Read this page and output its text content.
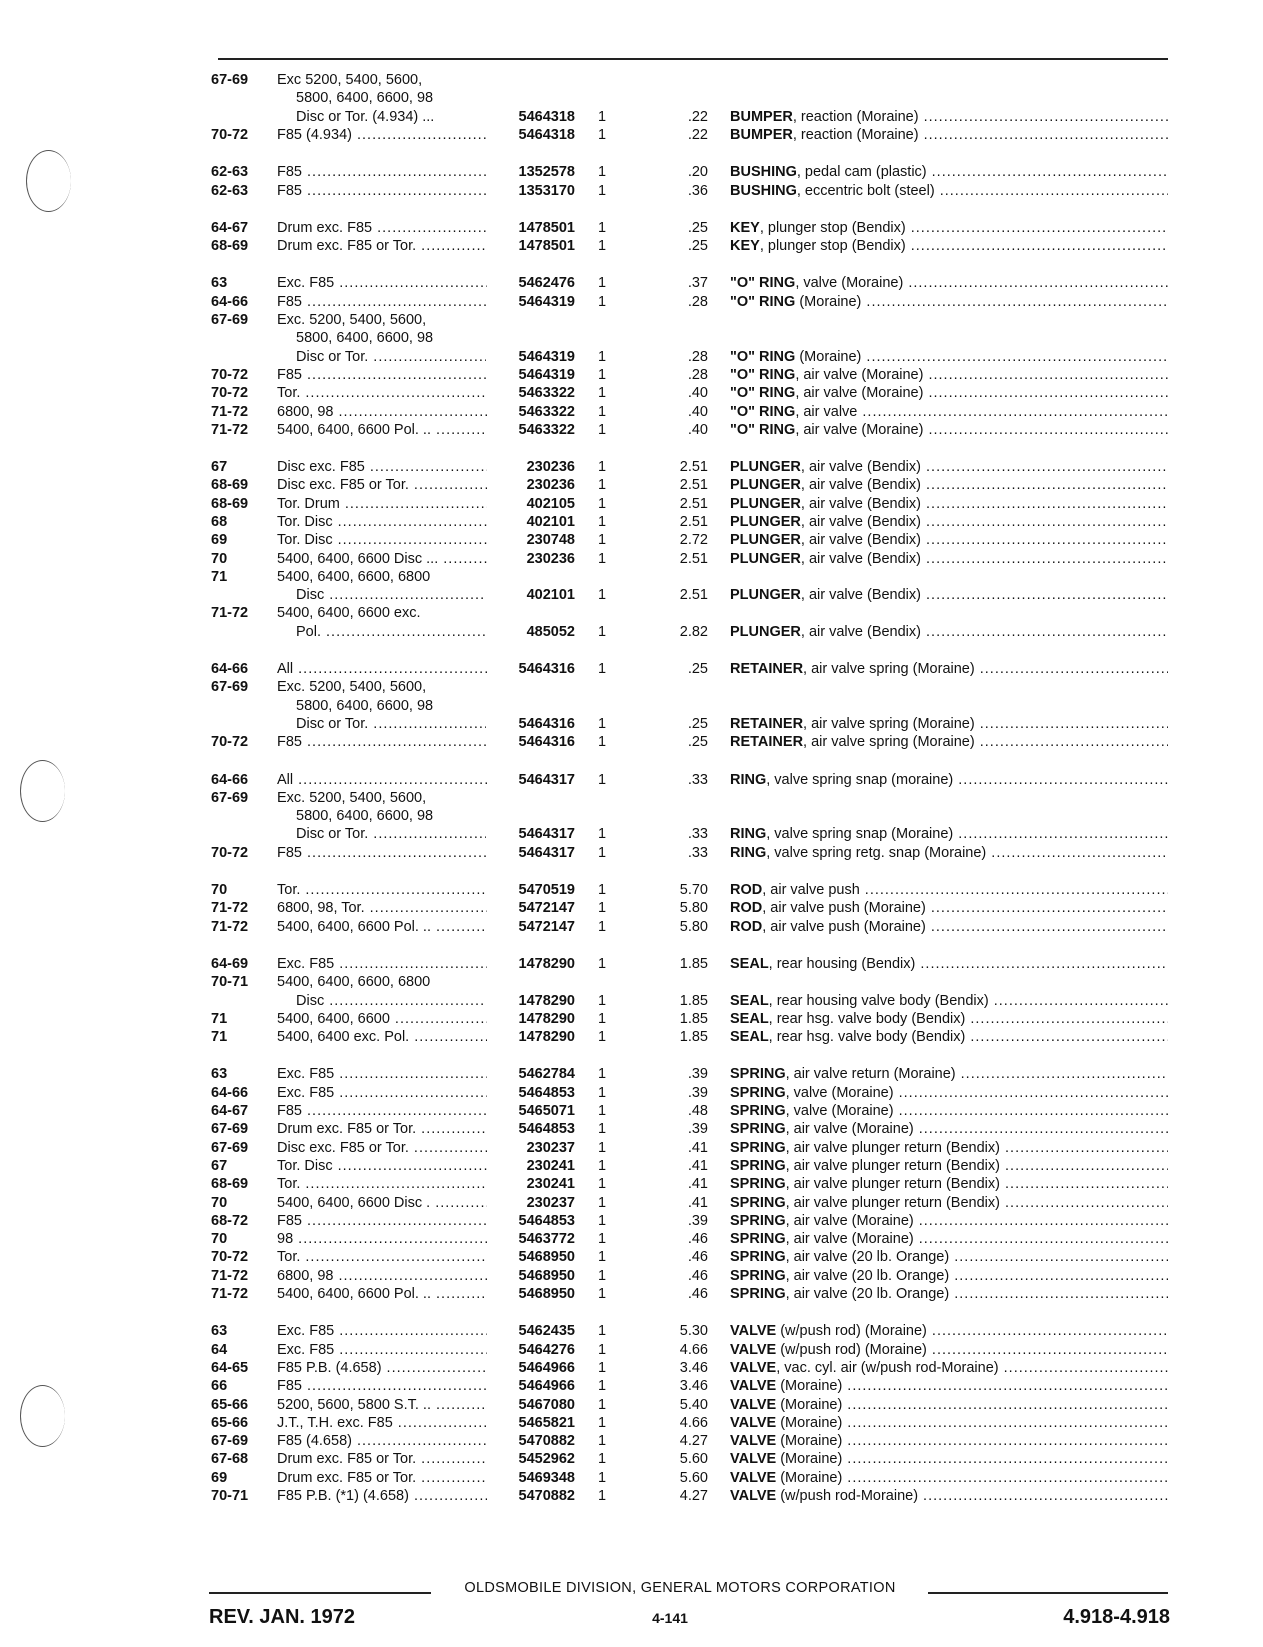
67-69 Exc 5200, 5400, 5600,
5800, 6400, 6600, 98
Disc or Tor. (4.934) ...	5464318 1	.22 BUMPER, reaction (Moraine) .....
70-72 F85 (4.934) .....	5464318 1	.22 BUMPER, reaction (Moraine) .....
62-63 F85 .....	1352578 1	.20 BUSHING, pedal cam (plastic) .....
62-63 F85 .....	1353170 1	.36 BUSHING, eccentric bolt (steel) .....
64-67 Drum exc. F85 .....	1478501 1	.25 KEY, plunger stop (Bendix) .....
68-69 Drum exc. F85 or Tor. .....	1478501 1	.25 KEY, plunger stop (Bendix) .....
63	Exc. F85 .....	5462476 1	.37 "O" RING, valve (Moraine) .....
64-66 F85 .....	5464319 1	.28 "O" RING (Moraine) .....
67-69 Exc. 5200, 5400, 5600,
5800, 6400, 6600, 98
Disc or Tor. .....	5464319 1	.28 "O" RING (Moraine) .....
70-72 F85 .....	5464319 1	.28 "O" RING, air valve (Moraine) .....
70-72 Tor. .....	5463322 1	.40 "O" RING, air valve (Moraine) .....
71-72 6800, 98 .....	5463322 1	.40 "O" RING, air valve .....
71-72 5400, 6400, 6600 Pol. .. .....	5463322 1	.40 "O" RING, air valve (Moraine) .....
67	Disc exc. F85 .....	230236 1	2.51 PLUNGER, air valve (Bendix) .....
68-69 Disc exc. F85 or Tor. .....	230236 1	2.51 PLUNGER, air valve (Bendix) .....
68-69 Tor. Drum .....	402105 1	2.51 PLUNGER, air valve (Bendix) .....
68	Tor. Disc .....	402101 1	2.51 PLUNGER, air valve (Bendix) .....
69	Tor. Disc .....	230748 1	2.72 PLUNGER, air valve (Bendix) .....
70	5400, 6400, 6600 Disc ... .....	230236 1	2.51 PLUNGER, air valve (Bendix) .....
71	5400, 6400, 6600, 6800
Disc .....	402101 1	2.51 PLUNGER, air valve (Bendix) .....
71-72 5400, 6400, 6600 exc.
Pol. .....	485052 1	2.82 PLUNGER, air valve (Bendix) .....
64-66 All .....	5464316 1	.25 RETAINER, air valve spring (Moraine) .....
67-69 Exc. 5200, 5400, 5600,
5800, 6400, 6600, 98
Disc or Tor. .....	5464316 1	.25 RETAINER, air valve spring (Moraine) .....
70-72 F85 .....	5464316 1	.25 RETAINER, air valve spring (Moraine) .....
64-66 All .....	5464317 1	.33 RING, valve spring snap (moraine) .....
67-69 Exc. 5200, 5400, 5600,
5800, 6400, 6600, 98
Disc or Tor. .....	5464317 1	.33 RING, valve spring snap (Moraine) .....
70-72 F85 .....	5464317 1	.33 RING, valve spring retg. snap (Moraine) .....
70	Tor. .....	5470519 1	5.70 ROD, air valve push .....
71-72 6800, 98, Tor. .....	5472147 1	5.80 ROD, air valve push (Moraine) .....
71-72 5400, 6400, 6600 Pol. .. .....	5472147 1	5.80 ROD, air valve push (Moraine) .....
64-69 Exc. F85 .....	1478290 1	1.85 SEAL, rear housing (Bendix) .....
70-71 5400, 6400, 6600, 6800
Disc .....	1478290 1	1.85 SEAL, rear housing valve body (Bendix) .....
71	5400, 6400, 6600 .....	1478290 1	1.85 SEAL, rear hsg. valve body (Bendix) .....
71	5400, 6400 exc. Pol. .....	1478290 1	1.85 SEAL, rear hsg. valve body (Bendix) .....
63	Exc. F85 .....	5462784 1	.39 SPRING, air valve return (Moraine) .....
64-66 Exc. F85 .....	5464853 1	.39 SPRING, valve (Moraine) .....
64-67 F85 .....	5465071 1	.48 SPRING, valve (Moraine) .....
67-69 Drum exc. F85 or Tor. .....	5464853 1	.39 SPRING, air valve (Moraine) .....
67-69 Disc exc. F85 or Tor. .....	230237 1	.41 SPRING, air valve plunger return (Bendix) .....
67	Tor. Disc .....	230241 1	.41 SPRING, air valve plunger return (Bendix) .....
68-69 Tor. .....	230241 1	.41 SPRING, air valve plunger return (Bendix) .....
70	5400, 6400, 6600 Disc . .....	230237 1	.41 SPRING, air valve plunger return (Bendix) .....
68-72 F85 .....	5464853 1	.39 SPRING, air valve (Moraine) .....
70	98 .....	5463772 1	.46 SPRING, air valve (Moraine) .....
70-72 Tor. .....	5468950 1	.46 SPRING, air valve (20 lb. Orange) .....
71-72 6800, 98 .....	5468950 1	.46 SPRING, air valve (20 lb. Orange) .....
71-72 5400, 6400, 6600 Pol. .. .....	5468950 1	.46 SPRING, air valve (20 lb. Orange) .....
63	Exc. F85 .....	5462435 1	5.30 VALVE (w/push rod) (Moraine) .....
64	Exc. F85 .....	5464276 1	4.66 VALVE (w/push rod) (Moraine) .....
64-65 F85 P.B. (4.658) .....	5464966 1	3.46 VALVE, vac. cyl. air (w/push rod-Moraine) .....
66	F85 .....	5464966 1	3.46 VALVE (Moraine) .....
65-66 5200, 5600, 5800 S.T. .. .....	5467080 1	5.40 VALVE (Moraine) .....
65-66 J.T., T.H. exc. F85 .....	5465821 1	4.66 VALVE (Moraine) .....
67-69 F85 (4.658) .....	5470882 1	4.27 VALVE (Moraine) .....
67-68 Drum exc. F85 or Tor. .....	5452962 1	5.60 VALVE (Moraine) .....
69	Drum exc. F85 or Tor. .....	5469348 1	5.60 VALVE (Moraine) .....
70-71 F85 P.B. (*1) (4.658) .....	5470882 1	4.27 VALVE (w/push rod-Moraine) .....
OLDSMOBILE DIVISION, GENERAL MOTORS CORPORATION
REV. JAN. 1972	4-141	4.918-4.918
